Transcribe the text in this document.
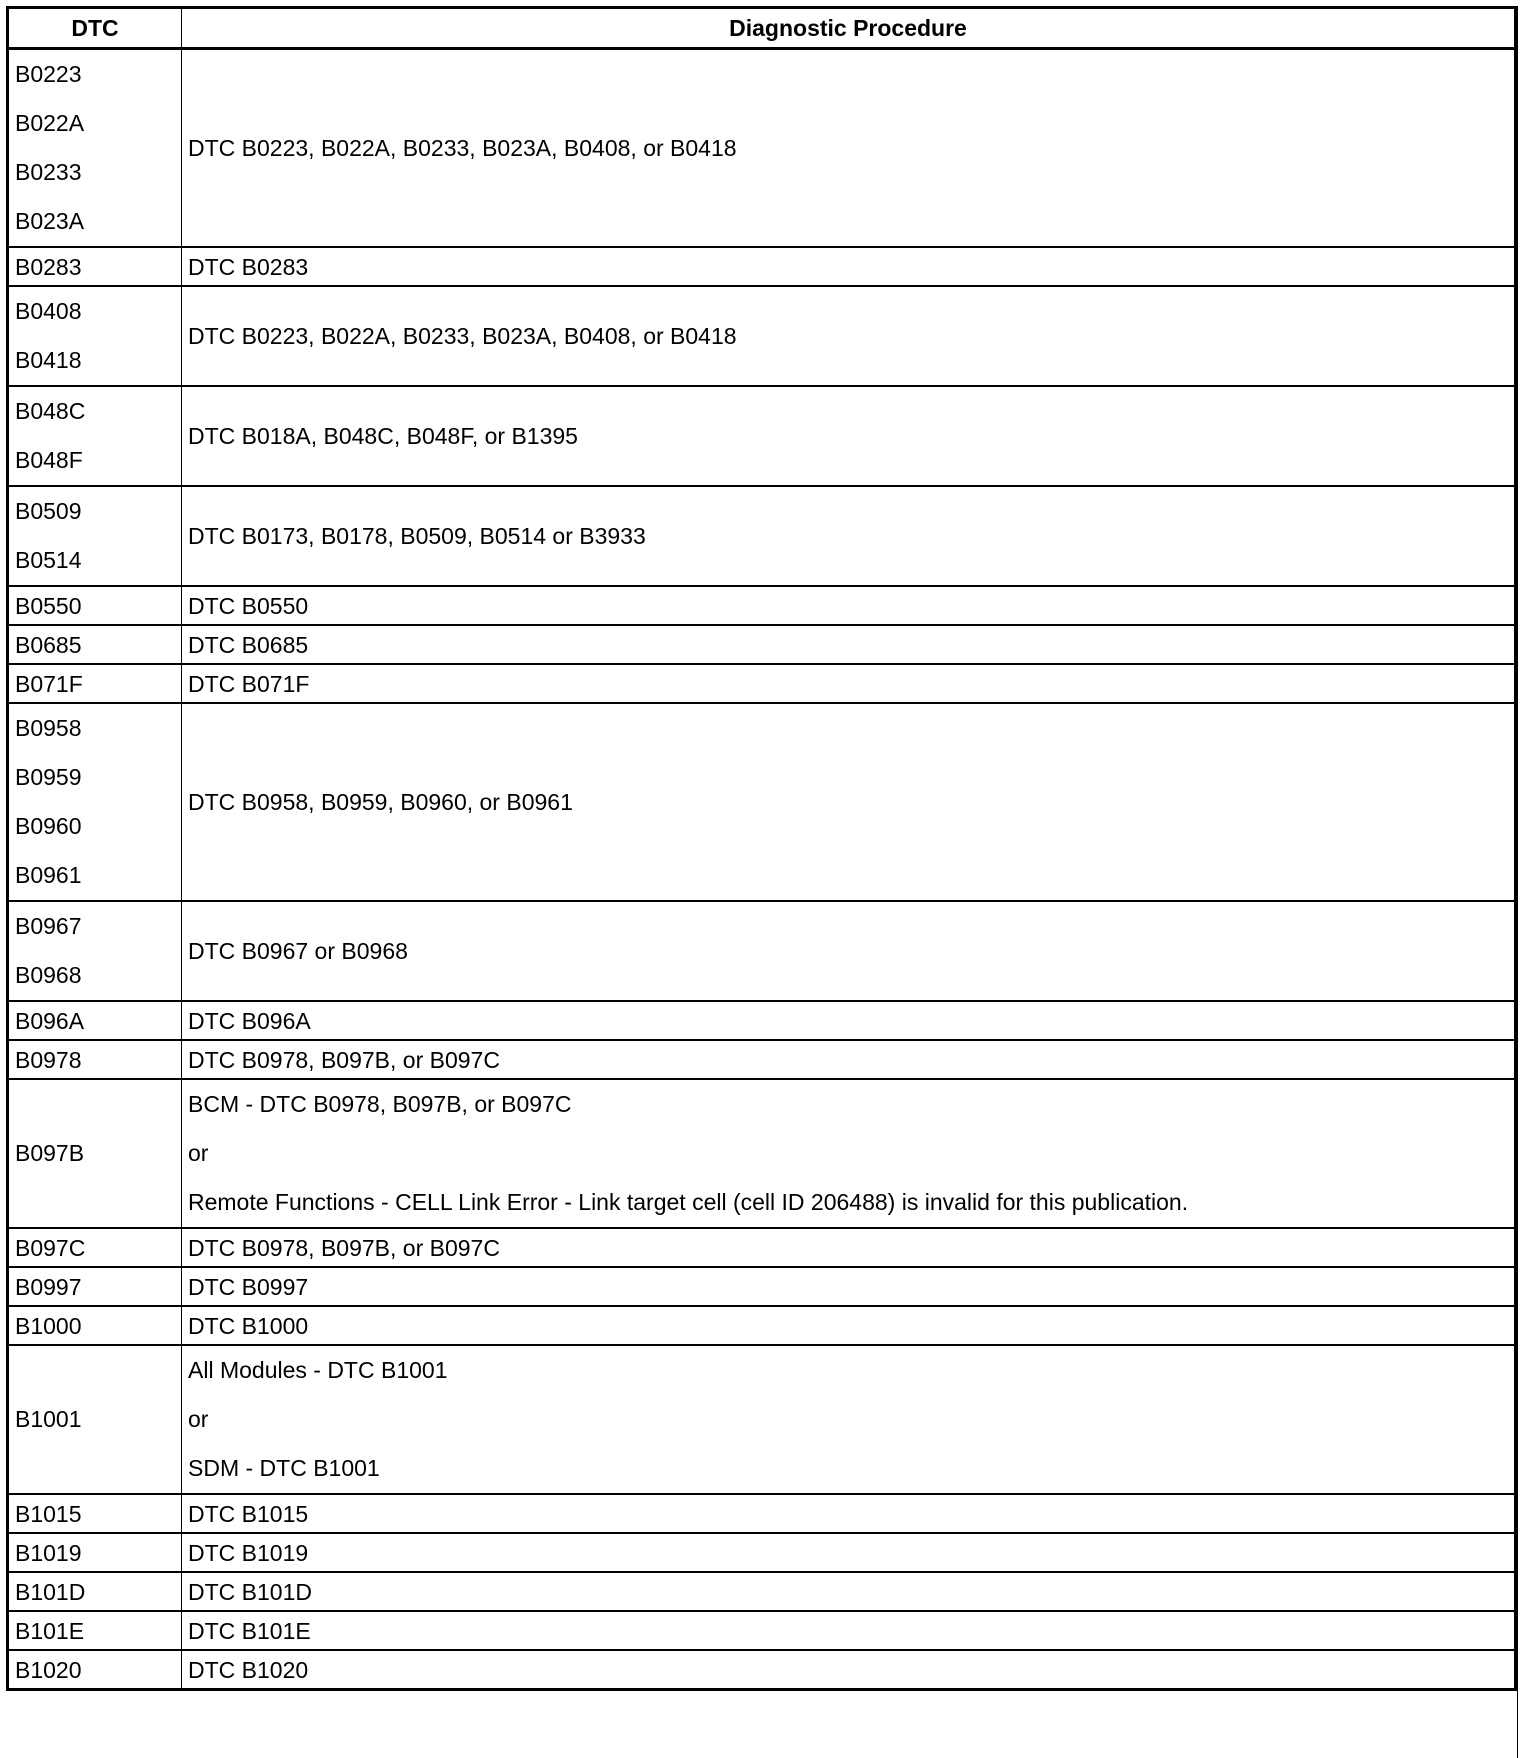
DTC	Diagnostic Procedure

B0223
B022A
B0233
B023A	DTC B0223, B022A, B0233, B023A, B0408, or B0418

B0283	DTC B0283

B0408
B0418	DTC B0223, B022A, B0233, B023A, B0408, or B0418

B048C
B048F	DTC B018A, B048C, B048F, or B1395

B0509
B0514	DTC B0173, B0178, B0509, B0514 or B3933

B0550	DTC B0550

B0685	DTC B0685

B071F	DTC B071F

B0958
B0959
B0960
B0961	DTC B0958, B0959, B0960, or B0961

B0967
B0968	DTC B0967 or B0968

B096A	DTC B096A

B0978	DTC B0978, B097B, or B097C
B097B	BCM - DTC B0978, B097B, or B097C
or
Remote Functions - CELL Link Error - Link target cell (cell ID 206488) is invalid for this publication.

B097C	DTC B0978, B097B, or B097C

B0997	DTC B0997

B1000	DTC B1000
B1001	All Modules - DTC B1001
or
SDM - DTC B1001

B1015	DTC B1015

B1019	DTC B1019

B101D	DTC B101D

B101E	DTC B101E

B1020	DTC B1020
